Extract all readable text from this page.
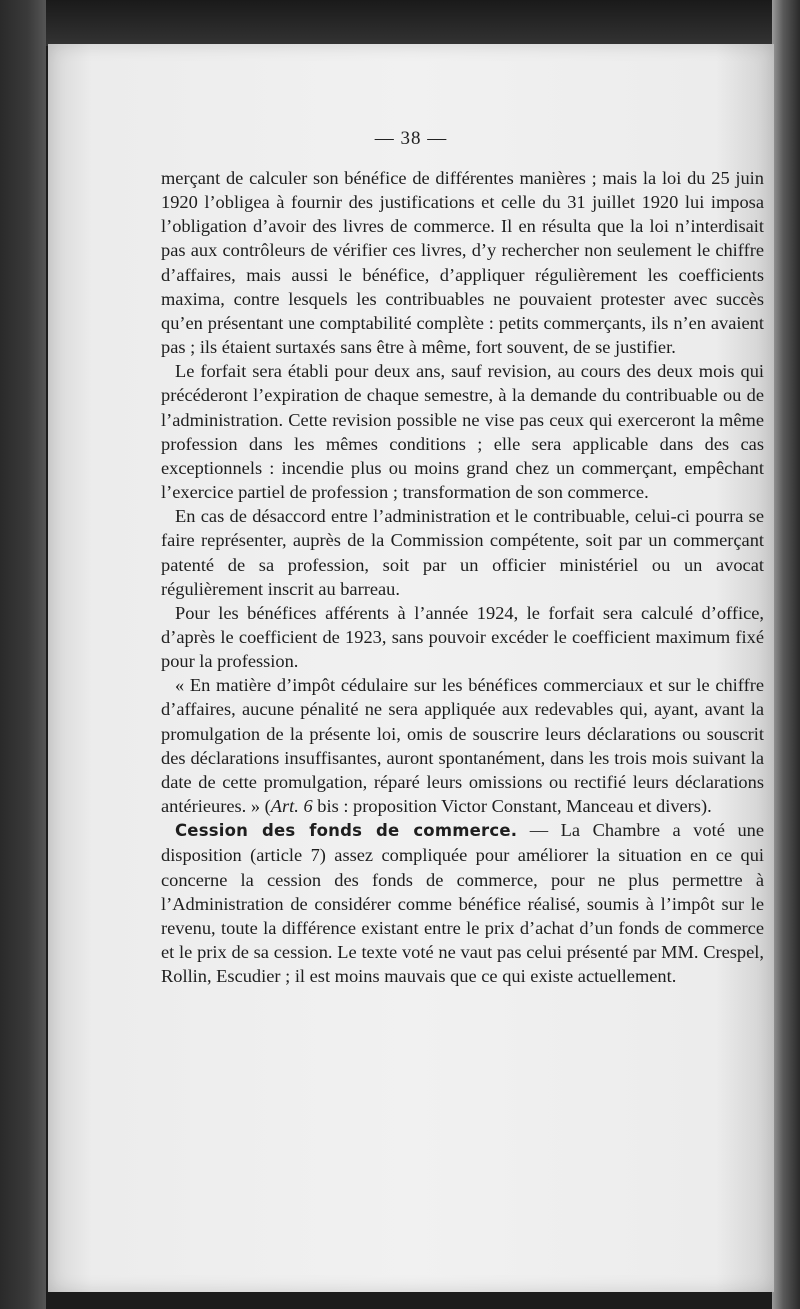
— 38 —

merçant de calculer son bénéfice de différentes manières ; mais la loi du 25 juin 1920 l’obligea à fournir des justifications et celle du 31 juillet 1920 lui imposa l’obligation d’avoir des livres de commerce. Il en résulta que la loi n’interdisait pas aux contrôleurs de vérifier ces livres, d’y rechercher non seulement le chiffre d’affaires, mais aussi le bénéfice, d’appliquer régulièrement les coefficients maxima, contre lesquels les contribuables ne pouvaient protester avec succès qu’en présentant une comptabilité complète : petits commerçants, ils n’en avaient pas ; ils étaient surtaxés sans être à même, fort souvent, de se justifier.

Le forfait sera établi pour deux ans, sauf revision, au cours des deux mois qui précéderont l’expiration de chaque semestre, à la demande du contribuable ou de l’administration. Cette revision possible ne vise pas ceux qui exerceront la même profession dans les mêmes conditions ; elle sera applicable dans des cas exceptionnels : incendie plus ou moins grand chez un commerçant, empêchant l’exercice partiel de profession ; transformation de son commerce.

En cas de désaccord entre l’administration et le contribuable, celui-ci pourra se faire représenter, auprès de la Commission compétente, soit par un commerçant patenté de sa profession, soit par un officier ministériel ou un avocat régulièrement inscrit au barreau.

Pour les bénéfices afférents à l’année 1924, le forfait sera calculé d’office, d’après le coefficient de 1923, sans pouvoir excéder le coefficient maximum fixé pour la profession.

« En matière d’impôt cédulaire sur les bénéfices commerciaux et sur le chiffre d’affaires, aucune pénalité ne sera appliquée aux redevables qui, ayant, avant la promulgation de la présente loi, omis de souscrire leurs déclarations ou souscrit des déclarations insuffisantes, auront spontanément, dans les trois mois suivant la date de cette promulgation, réparé leurs omissions ou rectifié leurs déclarations antérieures. » (Art. 6 bis : proposition Victor Constant, Manceau et divers).

Cession des fonds de commerce. — La Chambre a voté une disposition (article 7) assez compliquée pour améliorer la situation en ce qui concerne la cession des fonds de commerce, pour ne plus permettre à l’Administration de considérer comme bénéfice réalisé, soumis à l’impôt sur le revenu, toute la différence existant entre le prix d’achat d’un fonds de commerce et le prix de sa cession. Le texte voté ne vaut pas celui présenté par MM. Crespel, Rollin, Escudier ; il est moins mauvais que ce qui existe actuellement.
